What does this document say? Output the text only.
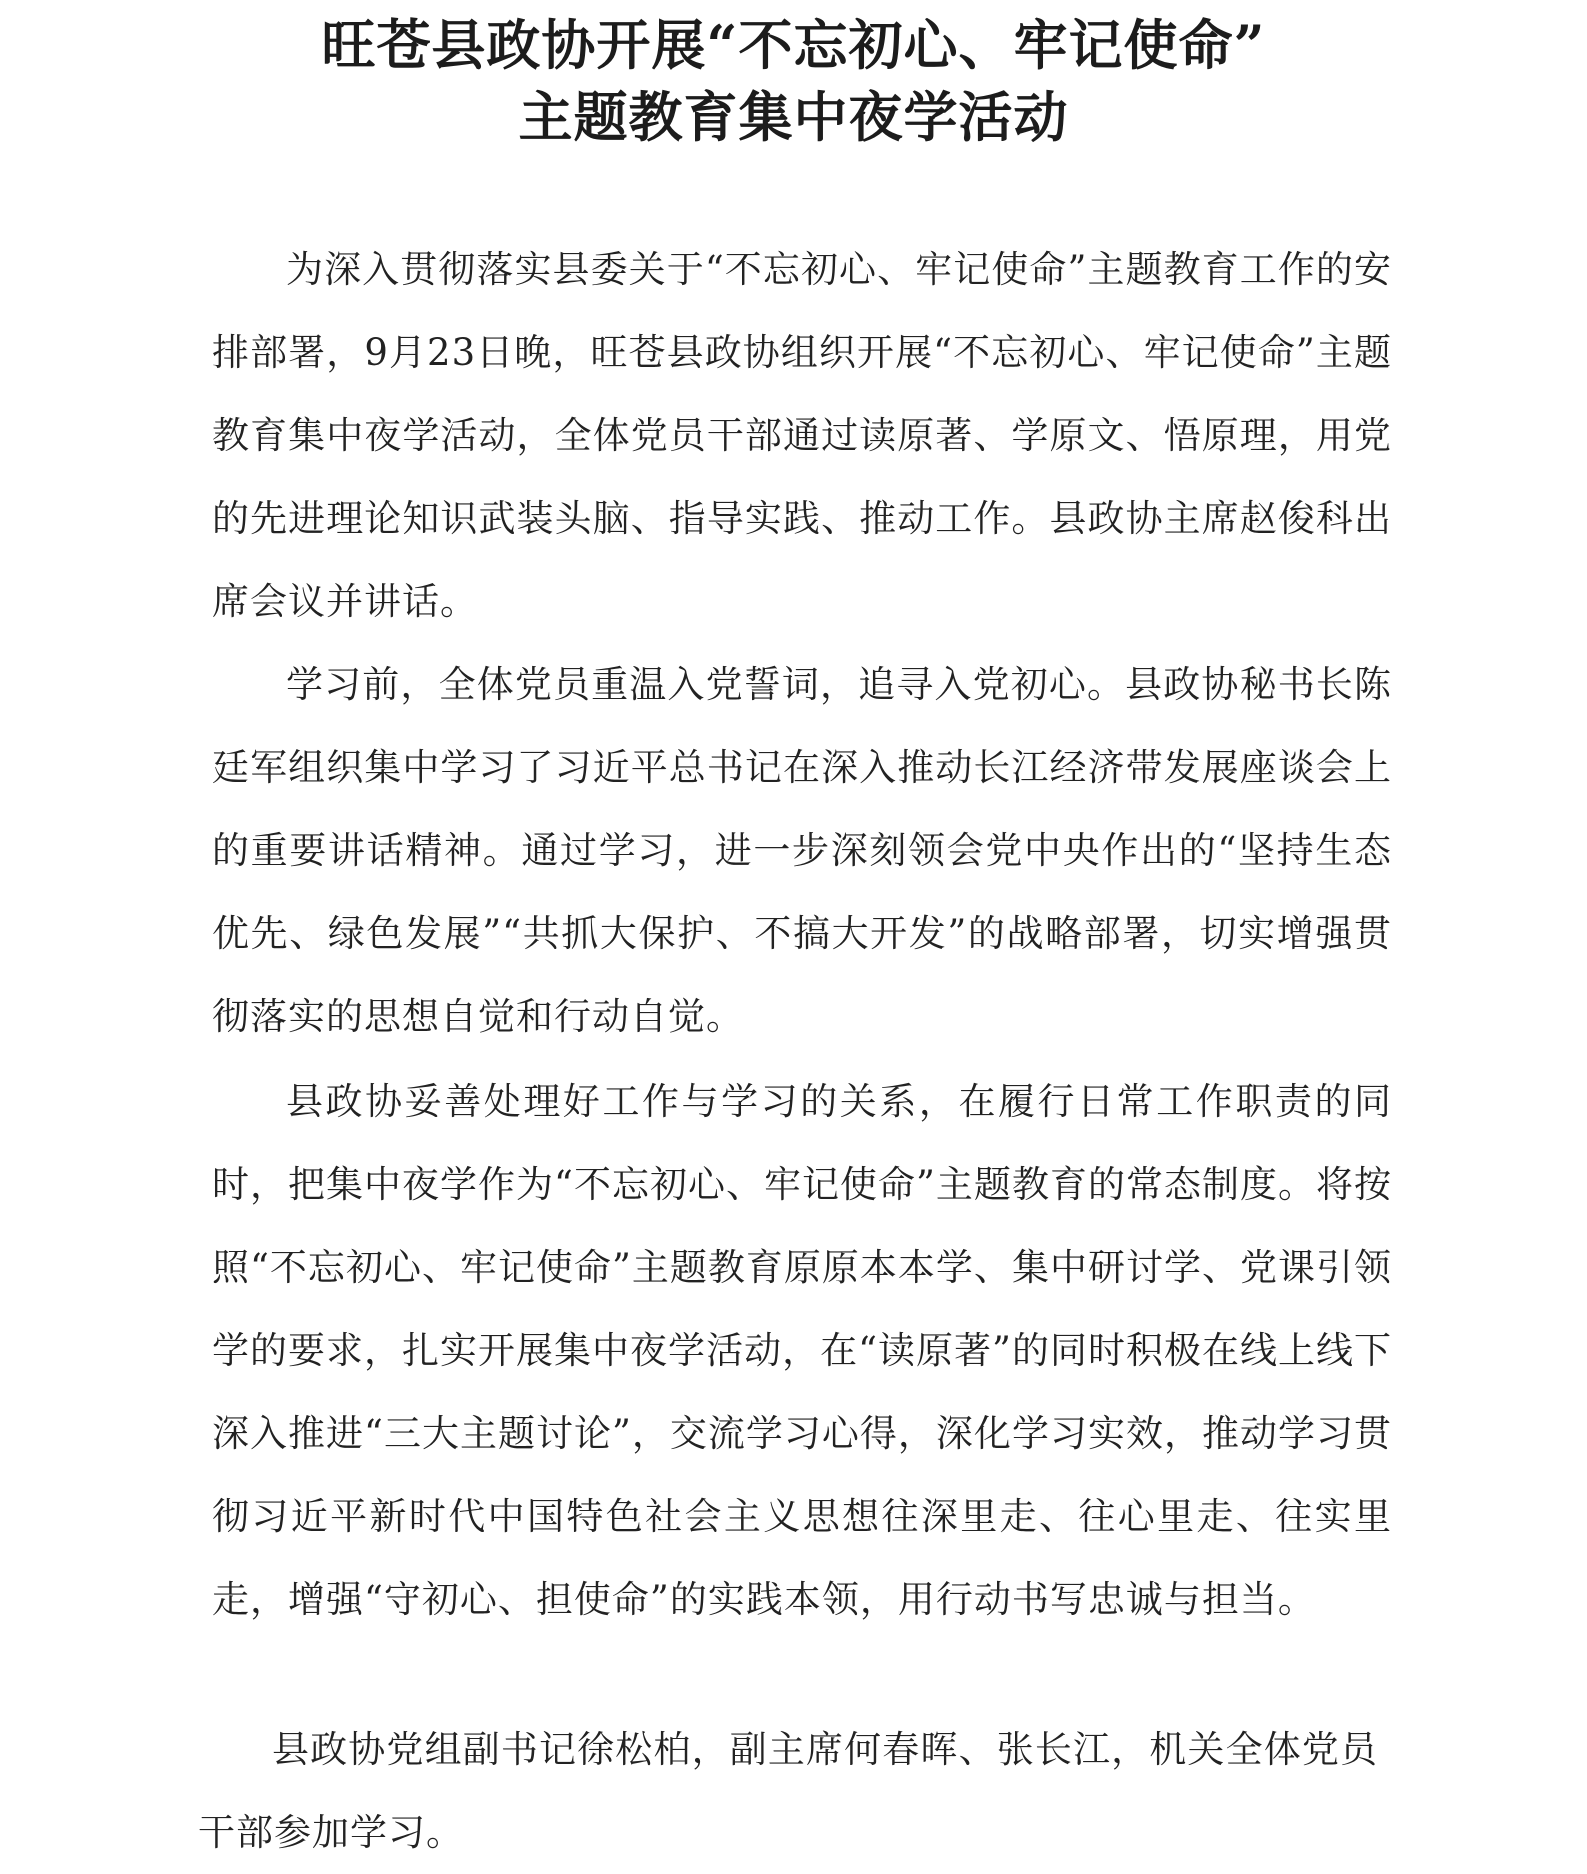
旺苍县政协开展“不忘初心、牢记使命”
主题教育集中夜学活动

为深入贯彻落实县委关于“不忘初心、牢记使命”主题教育工作的安排部署，9月23日晚，旺苍县政协组织开展“不忘初心、牢记使命”主题教育集中夜学活动，全体党员干部通过读原著、学原文、悟原理，用党的先进理论知识武装头脑、指导实践、推动工作。县政协主席赵俊科出席会议并讲话。

学习前，全体党员重温入党誓词，追寻入党初心。县政协秘书长陈廷军组织集中学习了习近平总书记在深入推动长江经济带发展座谈会上的重要讲话精神。通过学习，进一步深刻领会党中央作出的“坚持生态优先、绿色发展”“共抓大保护、不搞大开发”的战略部署，切实增强贯彻落实的思想自觉和行动自觉。

县政协妥善处理好工作与学习的关系，在履行日常工作职责的同时，把集中夜学作为“不忘初心、牢记使命”主题教育的常态制度。将按照“不忘初心、牢记使命”主题教育原原本本学、集中研讨学、党课引领学的要求，扎实开展集中夜学活动，在“读原著”的同时积极在线上线下深入推进“三大主题讨论”，交流学习心得，深化学习实效，推动学习贯彻习近平新时代中国特色社会主义思想往深里走、往心里走、往实里走，增强“守初心、担使命”的实践本领，用行动书写忠诚与担当。

县政协党组副书记徐松柏，副主席何春晖、张长江，机关全体党员干部参加学习。
